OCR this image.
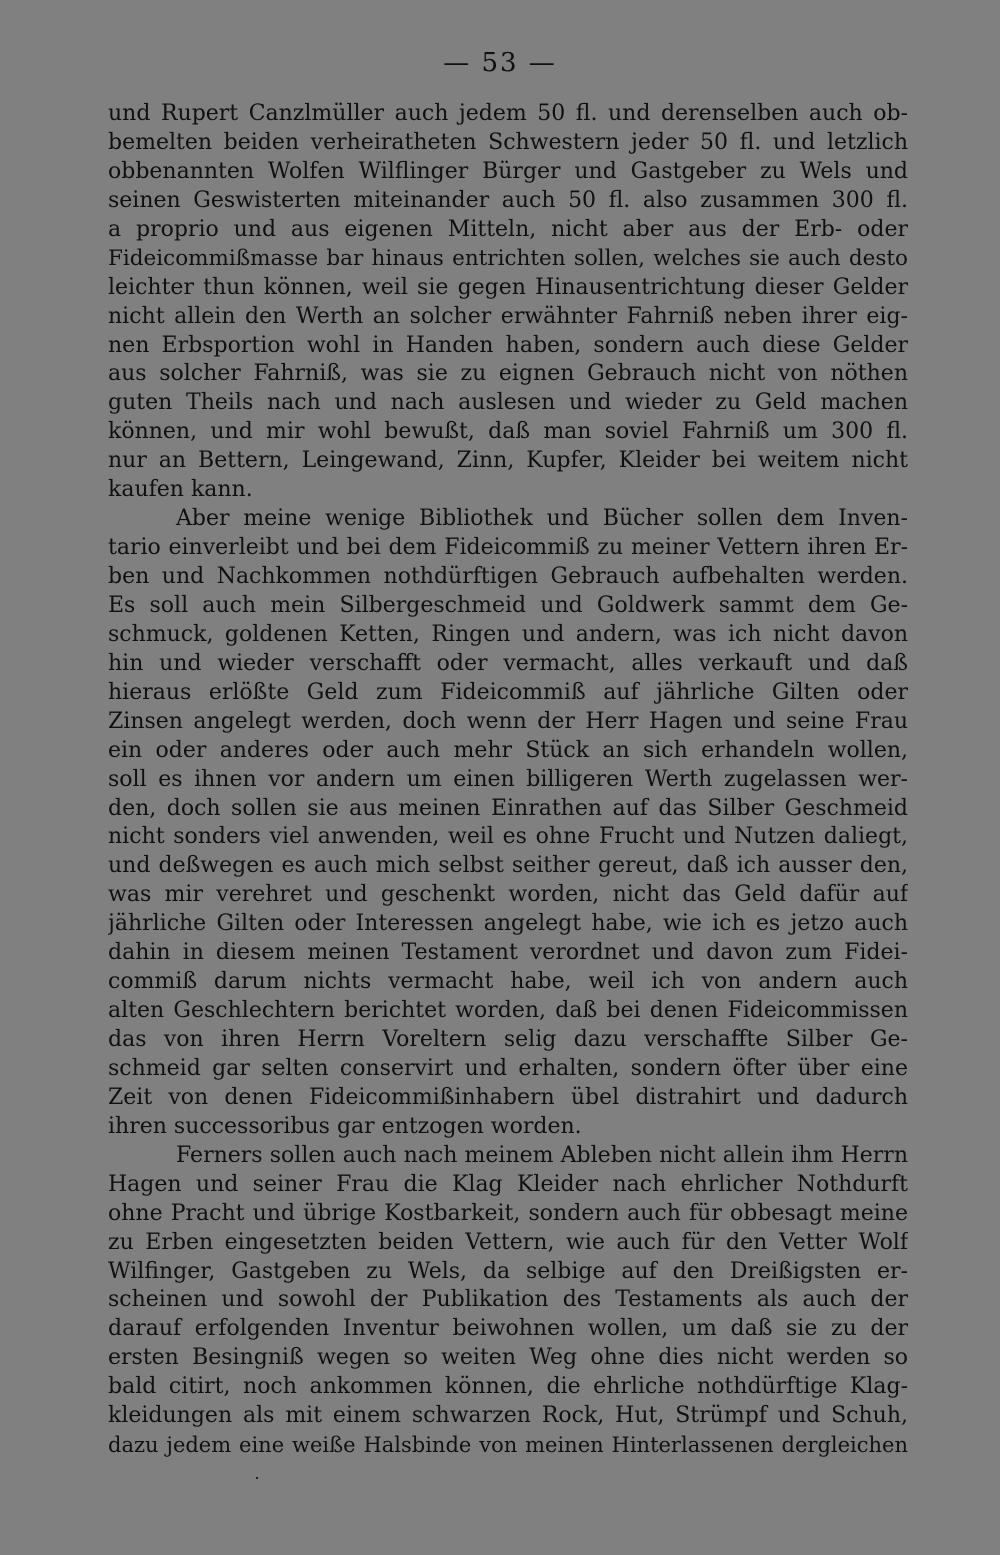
— 53 —
und Rupert Canzlmüller auch jedem 50 fl. und derenselben auch ob-
bemelten beiden verheiratheten Schwestern jeder 50 fl. und letzlich
obbenannten Wolfen Wilflinger Bürger und Gastgeber zu Wels und
seinen Geswisterten miteinander auch 50 fl. also zusammen 300 fl.
a proprio und aus eigenen Mitteln, nicht aber aus der Erb- oder
Fideicommißmasse bar hinaus entrichten sollen, welches sie auch desto
leichter thun können, weil sie gegen Hinausentrichtung dieser Gelder
nicht allein den Werth an solcher erwähnter Fahrniß neben ihrer eig-
nen Erbsportion wohl in Handen haben, sondern auch diese Gelder
aus solcher Fahrniß, was sie zu eignen Gebrauch nicht von nöthen
guten Theils nach und nach auslesen und wieder zu Geld machen
können, und mir wohl bewußt, daß man soviel Fahrniß um 300 fl.
nur an Bettern, Leingewand, Zinn, Kupfer, Kleider bei weitem nicht
kaufen kann.
Aber meine wenige Bibliothek und Bücher sollen dem Inven-
tario einverleibt und bei dem Fideicommiß zu meiner Vettern ihren Er-
ben und Nachkommen nothdürftigen Gebrauch aufbehalten werden.
Es soll auch mein Silbergeschmeid und Goldwerk sammt dem Ge-
schmuck, goldenen Ketten, Ringen und andern, was ich nicht davon
hin und wieder verschafft oder vermacht, alles verkauft und daß
hieraus erlößte Geld zum Fideicommiß auf jährliche Gilten oder
Zinsen angelegt werden, doch wenn der Herr Hagen und seine Frau
ein oder anderes oder auch mehr Stück an sich erhandeln wollen,
soll es ihnen vor andern um einen billigeren Werth zugelassen wer-
den, doch sollen sie aus meinen Einrathen auf das Silber Geschmeid
nicht sonders viel anwenden, weil es ohne Frucht und Nutzen daliegt,
und deßwegen es auch mich selbst seither gereut, daß ich ausser den,
was mir verehret und geschenkt worden, nicht das Geld dafür auf
jährliche Gilten oder Interessen angelegt habe, wie ich es jetzo auch
dahin in diesem meinen Testament verordnet und davon zum Fidei-
commiß darum nichts vermacht habe, weil ich von andern auch
alten Geschlechtern berichtet worden, daß bei denen Fideicommissen
das von ihren Herrn Voreltern selig dazu verschaffte Silber Ge-
schmeid gar selten conservirt und erhalten, sondern öfter über eine
Zeit von denen Fideicommißinhabern übel distrahirt und dadurch
ihren successoribus gar entzogen worden.
Ferners sollen auch nach meinem Ableben nicht allein ihm Herrn
Hagen und seiner Frau die Klag Kleider nach ehrlicher Nothdurft
ohne Pracht und übrige Kostbarkeit, sondern auch für obbesagt meine
zu Erben eingesetzten beiden Vettern, wie auch für den Vetter Wolf
Wilfinger, Gastgeben zu Wels, da selbige auf den Dreißigsten er-
scheinen und sowohl der Publikation des Testaments als auch der
darauf erfolgenden Inventur beiwohnen wollen, um daß sie zu der
ersten Besingniß wegen so weiten Weg ohne dies nicht werden so
bald citirt, noch ankommen können, die ehrliche nothdürftige Klag-
kleidungen als mit einem schwarzen Rock, Hut, Strümpf und Schuh,
dazu jedem eine weiße Halsbinde von meinen Hinterlassenen dergleichen
